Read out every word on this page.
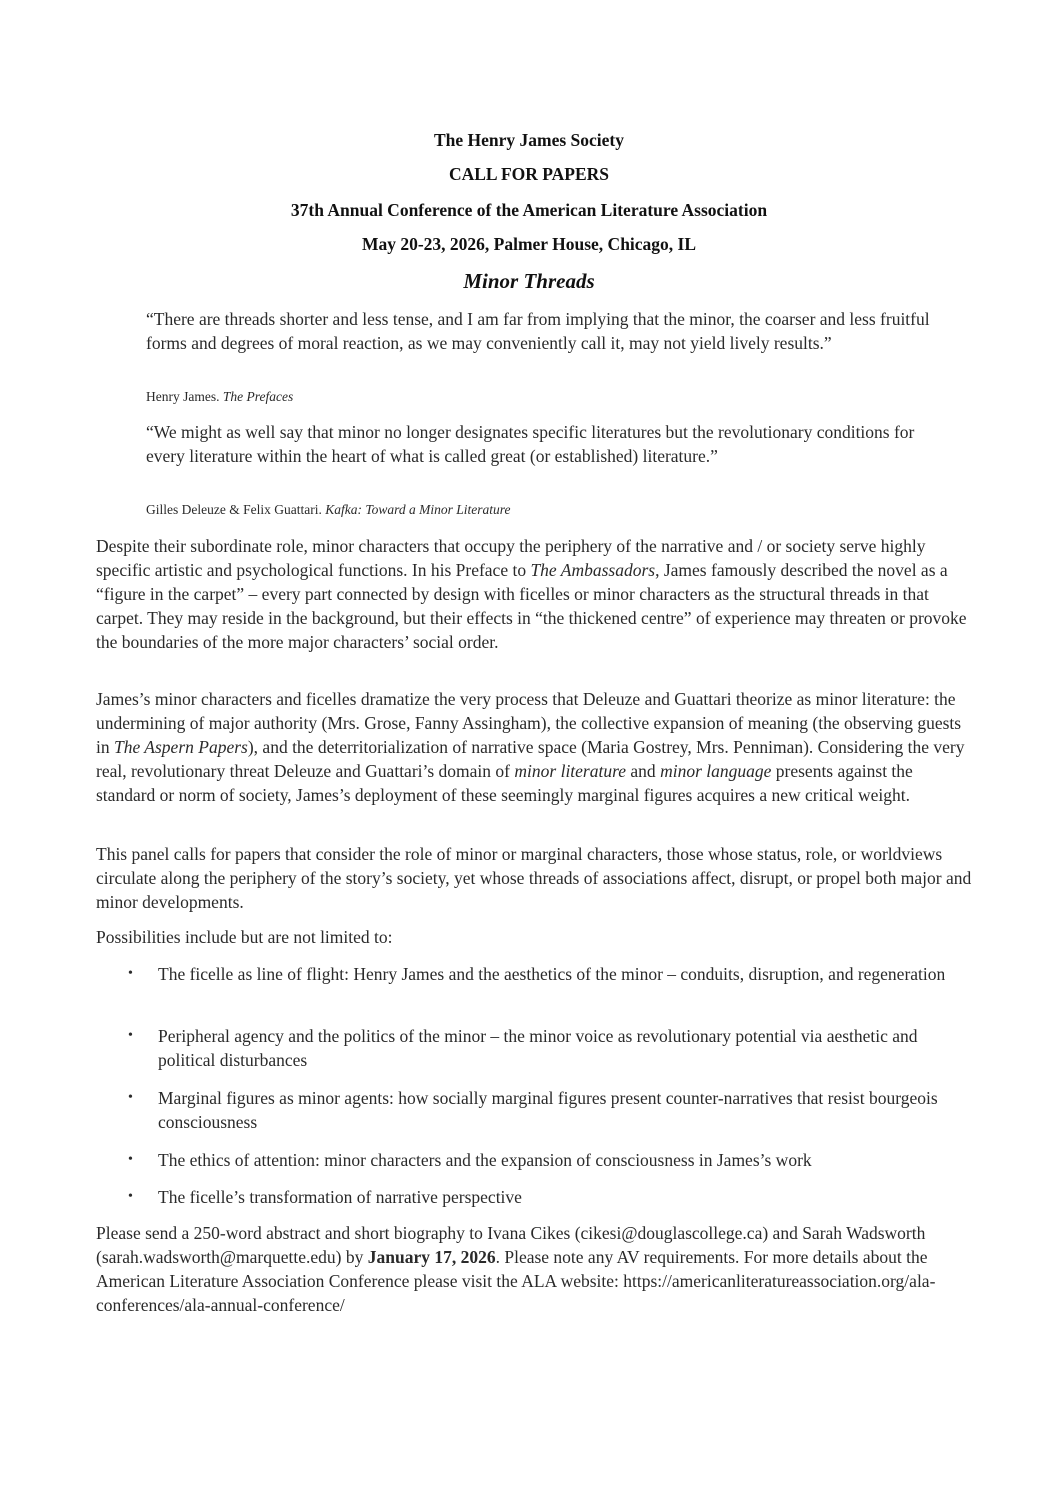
The Henry James Society
CALL FOR PAPERS
37th Annual Conference of the American Literature Association
May 20-23, 2026, Palmer House, Chicago, IL
Minor Threads
“There are threads shorter and less tense, and I am far from implying that the minor, the coarser and less fruitful forms and degrees of moral reaction, as we may conveniently call it, may not yield lively results.”
Henry James. The Prefaces
“We might as well say that minor no longer designates specific literatures but the revolutionary conditions for every literature within the heart of what is called great (or established) literature.”
Gilles Deleuze & Felix Guattari. Kafka: Toward a Minor Literature
Despite their subordinate role, minor characters that occupy the periphery of the narrative and / or society serve highly specific artistic and psychological functions. In his Preface to The Ambassadors, James famously described the novel as a “figure in the carpet” – every part connected by design with ficelles or minor characters as the structural threads in that carpet. They may reside in the background, but their effects in “the thickened centre” of experience may threaten or provoke the boundaries of the more major characters’ social order.
James’s minor characters and ficelles dramatize the very process that Deleuze and Guattari theorize as minor literature: the undermining of major authority (Mrs. Grose, Fanny Assingham), the collective expansion of meaning (the observing guests in The Aspern Papers), and the deterritorialization of narrative space (Maria Gostrey, Mrs. Penniman). Considering the very real, revolutionary threat Deleuze and Guattari’s domain of minor literature and minor language presents against the standard or norm of society, James’s deployment of these seemingly marginal figures acquires a new critical weight.
This panel calls for papers that consider the role of minor or marginal characters, those whose status, role, or worldviews circulate along the periphery of the story’s society, yet whose threads of associations affect, disrupt, or propel both major and minor developments.
Possibilities include but are not limited to:
•	The ficelle as line of flight: Henry James and the aesthetics of the minor – conduits, disruption, and regeneration
•	Peripheral agency and the politics of the minor – the minor voice as revolutionary potential via aesthetic and political disturbances
•	Marginal figures as minor agents: how socially marginal figures present counter-narratives that resist bourgeois consciousness
•	The ethics of attention: minor characters and the expansion of consciousness in James’s work
•	The ficelle’s transformation of narrative perspective
Please send a 250-word abstract and short biography to Ivana Cikes (cikesi@douglascollege.ca) and Sarah Wadsworth (sarah.wadsworth@marquette.edu) by January 17, 2026. Please note any AV requirements. For more details about the American Literature Association Conference please visit the ALA website: https://americanliteratureassociation.org/ala-conferences/ala-annual-conference/
